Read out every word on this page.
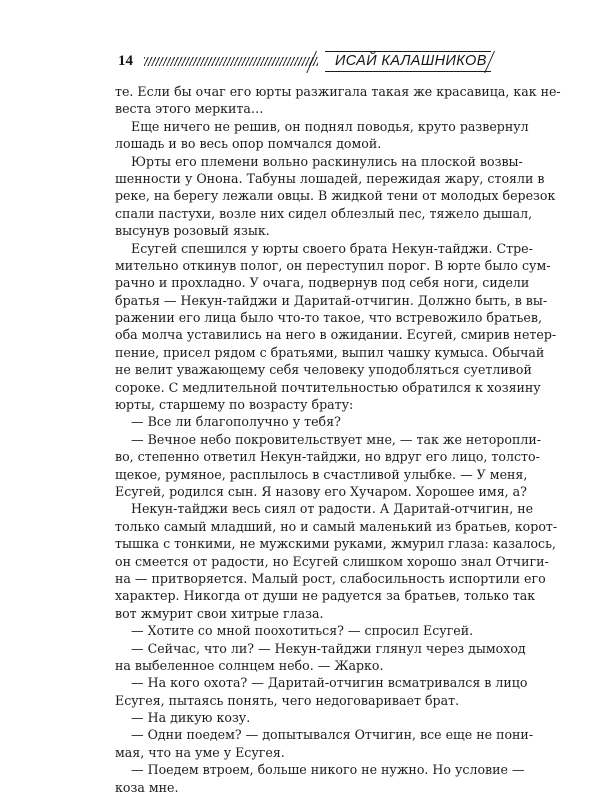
14	ИСАЙ КАЛАШНИКОВ
те. Если бы очаг его юрты разжигала такая же красавица, как не-
веста этого меркита…
Еще ничего не решив, он поднял поводья, круто развернул
лошадь и во весь опор помчался домой.
Юрты его племени вольно раскинулись на плоской возвы-
шенности у Онона. Табуны лошадей, пережидая жару, стояли в
реке, на берегу лежали овцы. В жидкой тени от молодых березок
спали пастухи, возле них сидел облезлый пес, тяжело дышал,
высунув розовый язык.
Есугей спешился у юрты своего брата Некун-тайджи. Стре-
мительно откинув полог, он переступил порог. В юрте было сум-
рачно и прохладно. У очага, подвернув под себя ноги, сидели
братья — Некун-тайджи и Даритай-отчигин. Должно быть, в вы-
ражении его лица было что-то такое, что встревожило братьев,
оба молча уставились на него в ожидании. Есугей, смирив нетер-
пение, присел рядом с братьями, выпил чашку кумыса. Обычай
не велит уважающему себя человеку уподобляться суетливой
сороке. С медлительной почтительностью обратился к хозяину
юрты, старшему по возрасту брату:
— Все ли благополучно у тебя?
— Вечное небо покровительствует мне, — так же неторопли-
во, степенно ответил Некун-тайджи, но вдруг его лицо, толсто-
щекое, румяное, расплылось в счастливой улыбке. — У меня,
Есугей, родился сын. Я назову его Хучаром. Хорошее имя, а?
Некун-тайджи весь сиял от радости. А Даритай-отчигин, не
только самый младший, но и самый маленький из братьев, корот-
тышка с тонкими, не мужскими руками, жмурил глаза: казалось,
он смеется от радости, но Есугей слишком хорошо знал Отчиги-
на — притворяется. Малый рост, слабосильность испортили его
характер. Никогда от души не радуется за братьев, только так
вот жмурит свои хитрые глаза.
— Хотите со мной поохотиться? — спросил Есугей.
— Сейчас, что ли? — Некун-тайджи глянул через дымоход
на выбеленное солнцем небо. — Жарко.
— На кого охота? — Даритай-отчигин всматривался в лицо
Есугея, пытаясь понять, чего недоговаривает брат.
— На дикую козу.
— Одни поедем? — допытывался Отчигин, все еще не пони-
мая, что на уме у Есугея.
— Поедем втроем, больше никого не нужно. Но условие —
коза мне.
